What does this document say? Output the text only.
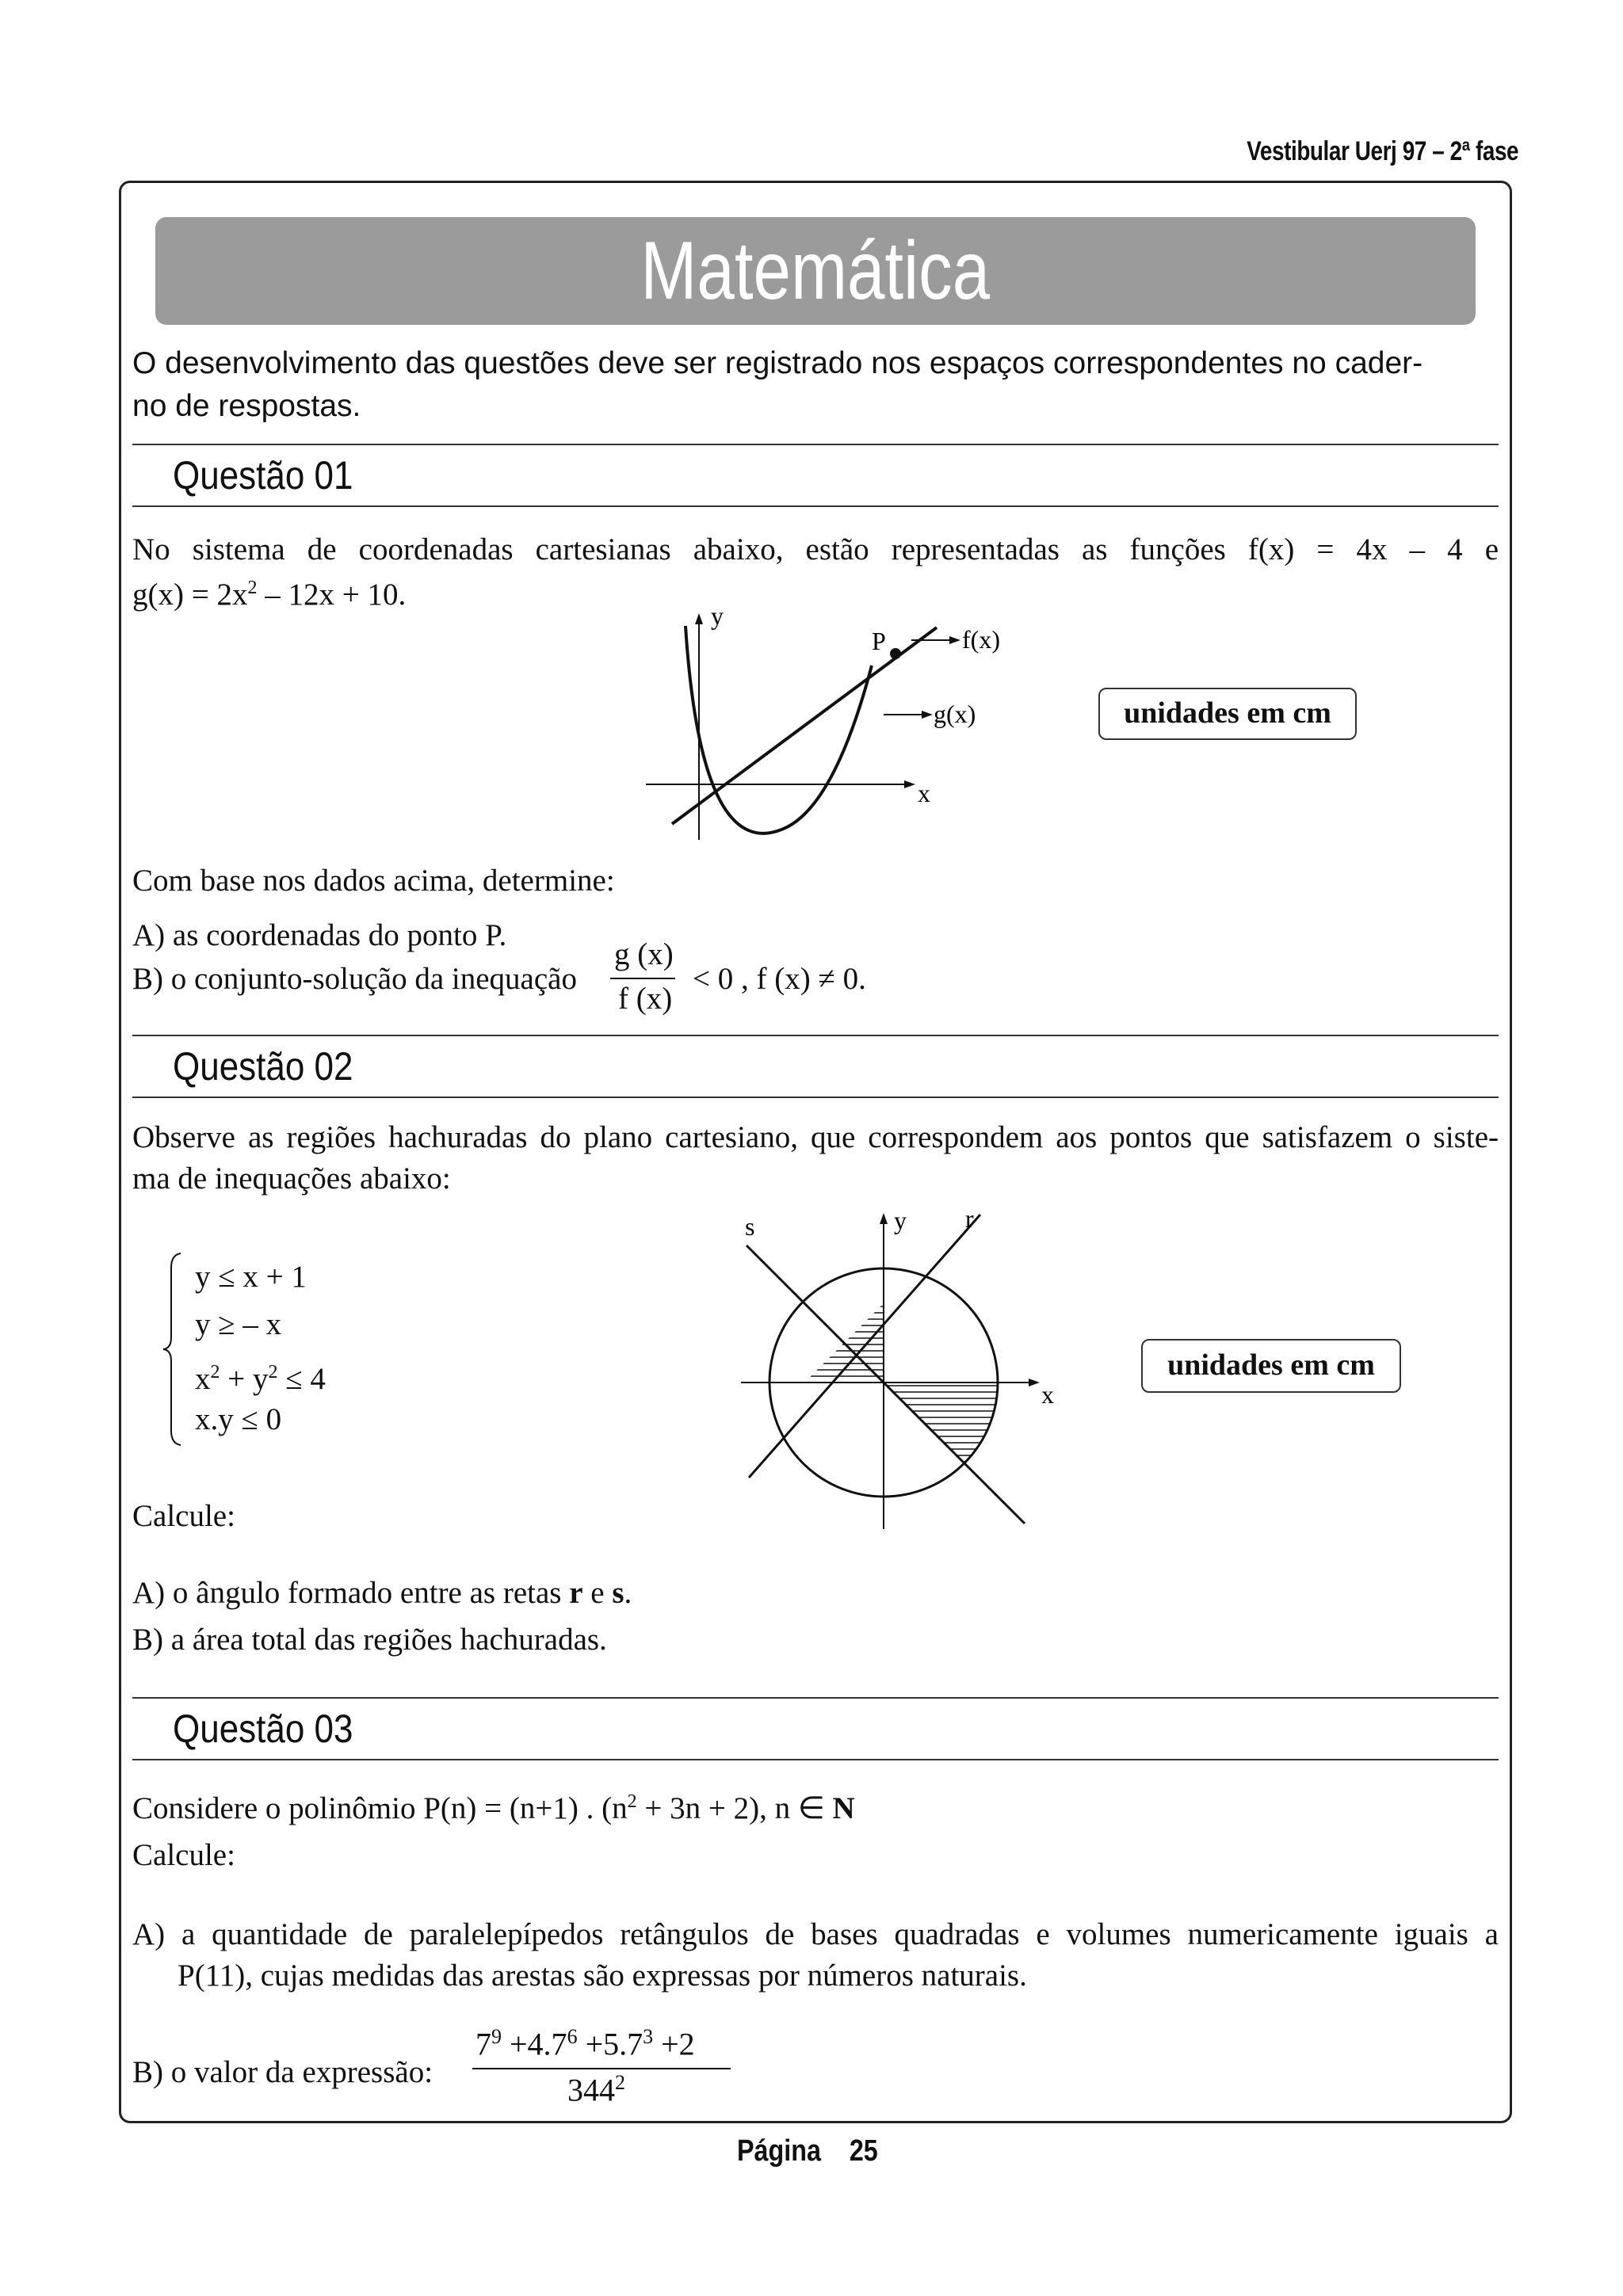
Vestibular Uerj 97 – 2ª fase
Matemática
O desenvolvimento das questões deve ser registrado nos espaços correspondentes no cader-
no de respostas.
Questão 01
No sistema de coordenadas cartesianas abaixo, estão representadas as funções f(x) = 4x – 4 e
$g(x) = 2x^2 - 12x + 10$.
y
P	f(x)
g(x)
x
unidades em cm
Com base nos dados acima, determine:
A) as coordenadas do ponto P.
B) o conjunto-solução da inequação
g (x)
f (x)
< 0 , f (x) ≠ 0.
Questão 02
Observe as regiões hachuradas do plano cartesiano, que correspondem aos pontos que satisfazem o siste-
ma de inequações abaixo:
y ≤ x + 1
y ≥ – x
$x^2 + y^2 \le 4$
x.y ≤ 0
s	y r
x
unidades em cm
Calcule:
A) o ângulo formado entre as retas r e s.
B) a área total das regiões hachuradas.
Questão 03
Considere o polinômio P(n) = (n+1) . $(n^2 + 3n + 2)$, n ∈ N
Calcule:
A) a quantidade de paralelepípedos retângulos de bases quadradas e volumes numericamente iguais a
P(11), cujas medidas das arestas são expressas por números naturais.
B) o valor da expressão:
$7^9 +4.7^6 +5.7^3 +2$
$344^2$
Página 25
